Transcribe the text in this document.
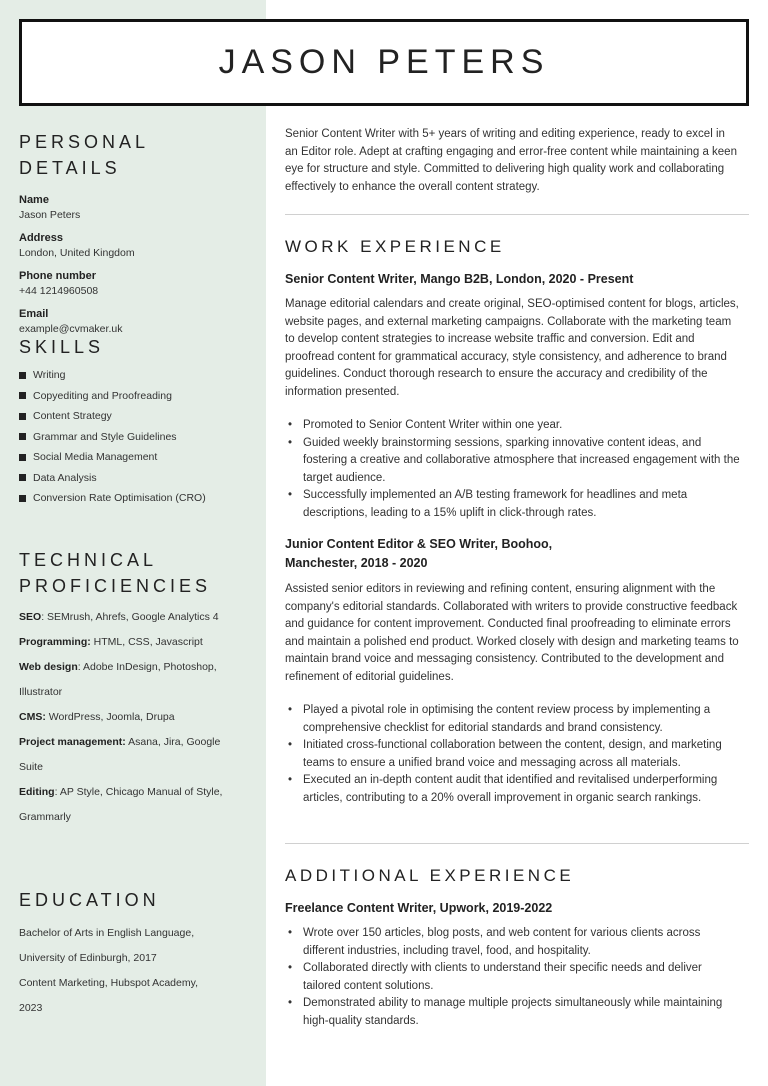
PERSONAL DETAILS
Name
Jason Peters
Address
London, United Kingdom
Phone number
+44 1214960508
Email
example@cvmaker.uk
SKILLS
Writing
Copyediting and Proofreading
Content Strategy
Grammar and Style Guidelines
Social Media Management
Data Analysis
Conversion Rate Optimisation (CRO)
TECHNICAL
PROFICIENCIES

SEO: SEMrush, Ahrefs, Google Analytics 4

Programming: HTML, CSS, Javascript

Web design: Adobe InDesign, Photoshop, Illustrator

CMS: WordPress, Joomla, Drupa

Project management: Asana, Jira, Google Suite

Editing: AP Style, Chicago Manual of Style, Grammarly

EDUCATION

Bachelor of Arts in English Language, University of Edinburgh, 2017

Content Marketing, Hubspot Academy, 2023

JASON PETERS

Senior Content Writer with 5+ years of writing and editing experience, ready to excel in an Editor role. Adept at crafting engaging and error-free content while maintaining a keen eye for structure and style. Committed to delivering high quality work and collaborating effectively to enhance the overall content strategy.

WORK EXPERIENCE
Senior Content Writer, Mango B2B, London, 2020 - Present

Manage editorial calendars and create original, SEO-optimised content for blogs, articles, website pages, and external marketing campaigns. Collaborate with the marketing team to develop content strategies to increase website traffic and conversion. Edit and proofread content for grammatical accuracy, style consistency, and adherence to brand guidelines. Conduct thorough research to ensure the accuracy and credibility of the information presented.

• Promoted to Senior Content Writer within one year.
• Guided weekly brainstorming sessions, sparking innovative content ideas, and fostering a creative and collaborative atmosphere that increased engagement with the target audience.
• Successfully implemented an A/B testing framework for headlines and meta descriptions, leading to a 15% uplift in click-through rates.
Junior Content Editor & SEO Writer, Boohoo, Manchester, 2018 - 2020

Assisted senior editors in reviewing and refining content, ensuring alignment with the company's editorial standards. Collaborated with writers to provide constructive feedback and guidance for content improvement. Conducted final proofreading to eliminate errors and maintain a polished end product. Worked closely with design and marketing teams to maintain brand voice and messaging consistency. Contributed to the development and refinement of editorial guidelines.

• Played a pivotal role in optimising the content review process by implementing a comprehensive checklist for editorial standards and brand consistency.
• Initiated cross-functional collaboration between the content, design, and marketing teams to ensure a unified brand voice and messaging across all materials.
• Executed an in-depth content audit that identified and revitalised underperforming articles, contributing to a 20% overall improvement in organic search rankings.
ADDITIONAL EXPERIENCE
Freelance Content Writer, Upwork, 2019-2022
• Wrote over 150 articles, blog posts, and web content for various clients across different industries, including travel, food, and hospitality.
• Collaborated directly with clients to understand their specific needs and deliver tailored content solutions.
• Demonstrated ability to manage multiple projects simultaneously while maintaining high-quality standards.
